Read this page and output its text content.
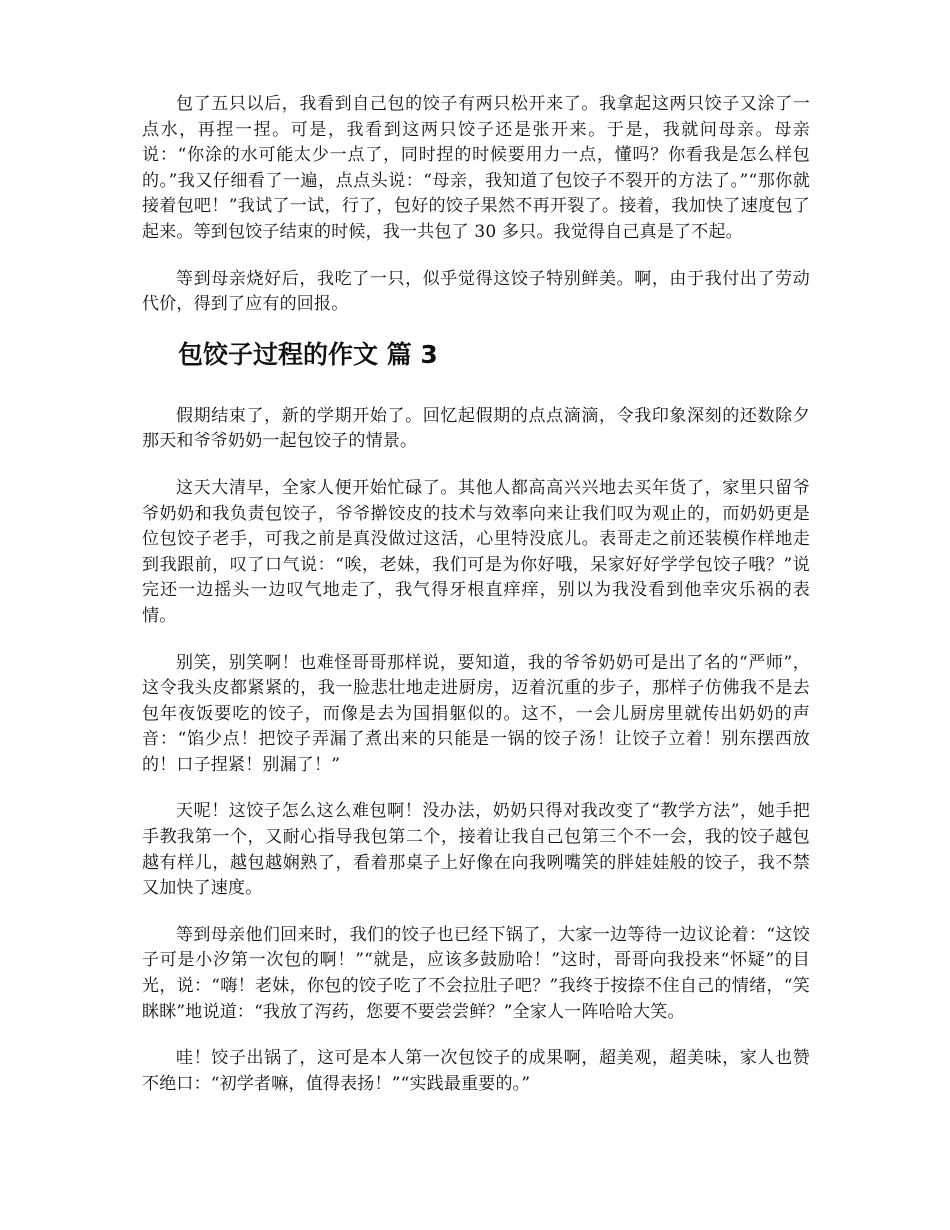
包了五只以后，我看到自己包的饺子有两只松开来了。我拿起这两只饺子又涂了一点水，再捏一捏。可是，我看到这两只饺子还是张开来。于是，我就问母亲。母亲说：“你涂的水可能太少一点了，同时捏的时候要用力一点，懂吗？你看我是怎么样包的。”我又仔细看了一遍，点点头说：“母亲，我知道了包饺子不裂开的方法了。”“那你就接着包吧！”我试了一试，行了，包好的饺子果然不再开裂了。接着，我加快了速度包了起来。等到包饺子结束的时候，我一共包了 30 多只。我觉得自己真是了不起。

等到母亲烧好后，我吃了一只，似乎觉得这饺子特别鲜美。啊，由于我付出了劳动代价，得到了应有的回报。

包饺子过程的作文 篇 3

假期结束了，新的学期开始了。回忆起假期的点点滴滴，令我印象深刻的还数除夕那天和爷爷奶奶一起包饺子的情景。

这天大清早，全家人便开始忙碌了。其他人都高高兴兴地去买年货了，家里只留爷爷奶奶和我负责包饺子，爷爷擀饺皮的技术与效率向来让我们叹为观止的，而奶奶更是位包饺子老手，可我之前是真没做过这活，心里特没底儿。表哥走之前还装模作样地走到我跟前，叹了口气说：“唉，老妹，我们可是为你好哦，呆家好好学学包饺子哦？”说完还一边摇头一边叹气地走了，我气得牙根直痒痒，别以为我没看到他幸灾乐祸的表情。

别笑，别笑啊！也难怪哥哥那样说，要知道，我的爷爷奶奶可是出了名的“严师”，这令我头皮都紧紧的，我一脸悲壮地走进厨房，迈着沉重的步子，那样子仿佛我不是去包年夜饭要吃的饺子，而像是去为国捐躯似的。这不，一会儿厨房里就传出奶奶的声音：“馅少点！把饺子弄漏了煮出来的只能是一锅的饺子汤！让饺子立着！别东摆西放的！口子捏紧！别漏了！”

天呢！这饺子怎么这么难包啊！没办法，奶奶只得对我改变了“教学方法”，她手把手教我第一个，又耐心指导我包第二个，接着让我自己包第三个不一会，我的饺子越包越有样儿，越包越娴熟了，看着那桌子上好像在向我咧嘴笑的胖娃娃般的饺子，我不禁又加快了速度。

等到母亲他们回来时，我们的饺子也已经下锅了，大家一边等待一边议论着：“这饺子可是小汐第一次包的啊！”“就是，应该多鼓励哈！”这时，哥哥向我投来“怀疑”的目光，说：“嗨！老妹，你包的饺子吃了不会拉肚子吧？”我终于按捺不住自己的情绪，“笑眯眯”地说道：“我放了泻药，您要不要尝尝鲜？”全家人一阵哈哈大笑。

哇！饺子出锅了，这可是本人第一次包饺子的成果啊，超美观，超美味，家人也赞不绝口：“初学者嘛，值得表扬！”“实践最重要的。”
